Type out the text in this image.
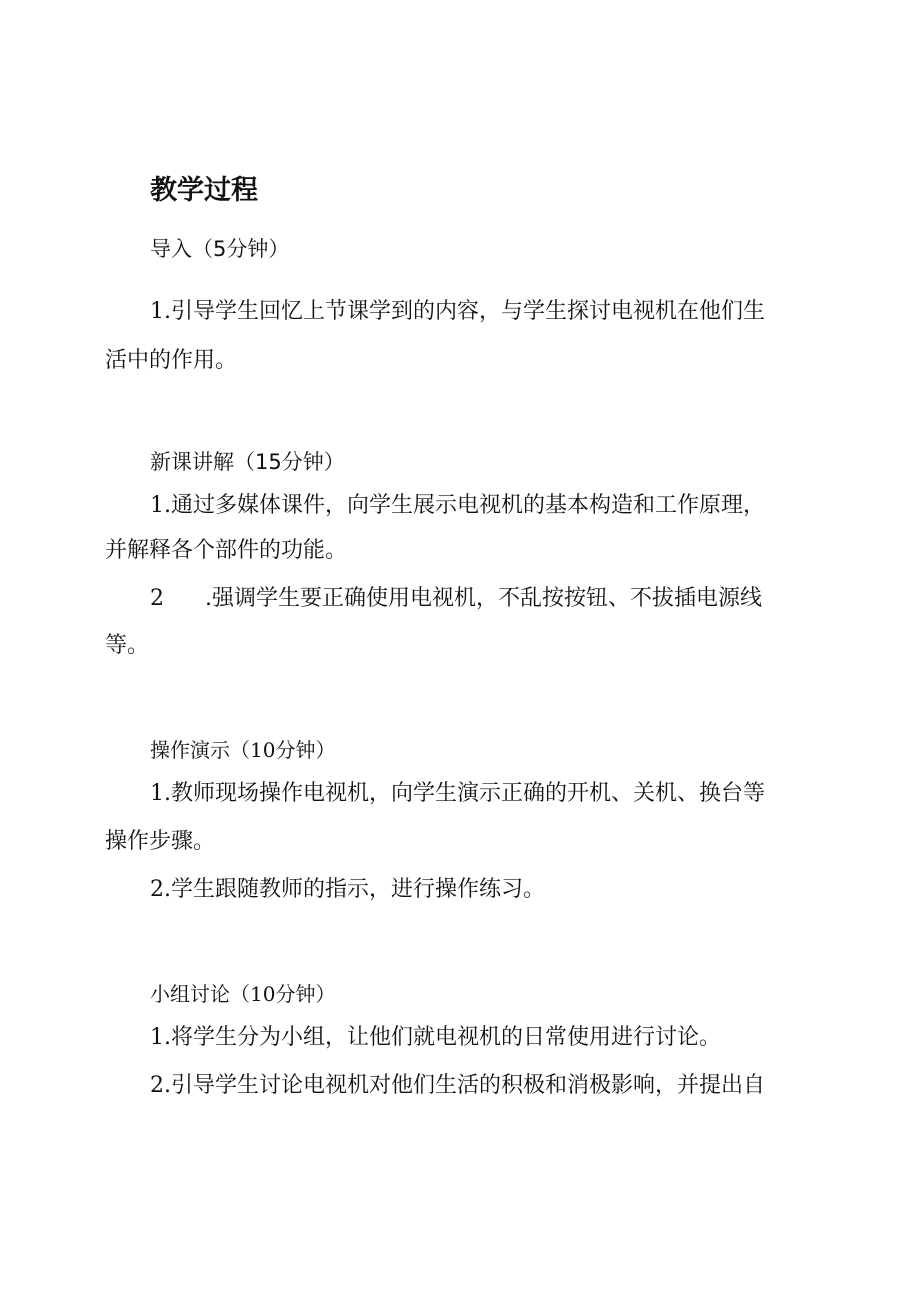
教学过程
导入（5分钟）

1.引导学生回忆上节课学到的内容，与学生探讨电视机在他们生

活中的作用。

新课讲解（15分钟）

1.通过多媒体课件，向学生展示电视机的基本构造和工作原理，

并解释各个部件的功能。

2 .强调学生要正确使用电视机，不乱按按钮、不拔插电源线

等。

操作演示（10分钟）

1.教师现场操作电视机，向学生演示正确的开机、关机、换台等

操作步骤。

2.学生跟随教师的指示，进行操作练习。

小组讨论（10分钟）

1.将学生分为小组，让他们就电视机的日常使用进行讨论。

2.引导学生讨论电视机对他们生活的积极和消极影响，并提出自
